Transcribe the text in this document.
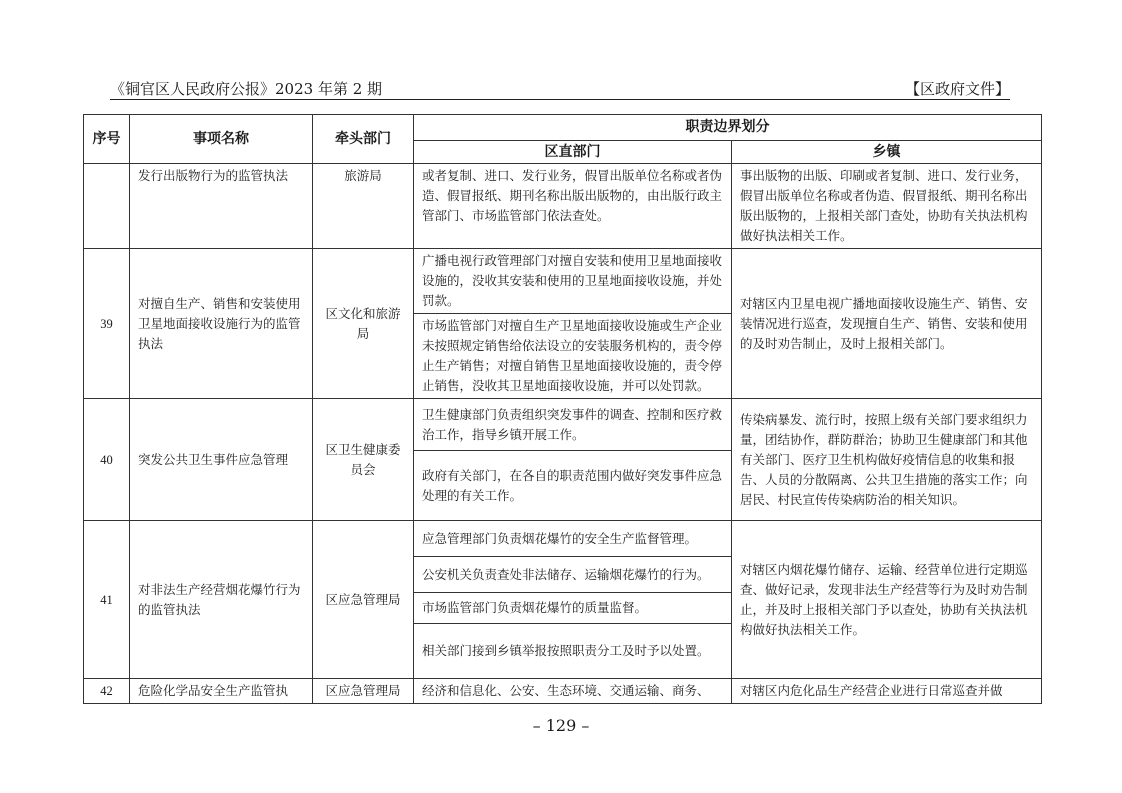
《铜官区人民政府公报》2023 年第 2 期	【区政府文件】
序号	事项名称	牵头部门	职责边界划分	
			区直部门	乡镇
	发行出版物行为的监管执法	旅游局	或者复制、进口、发行业务，假冒出版单位名称或者伪造、假冒报纸、期刊名称出版出版物的，由出版行政主管部门、市场监管部门依法查处。	事出版物的出版、印刷或者复制、进口、发行业务，假冒出版单位名称或者伪造、假冒报纸、期刊名称出版出版物的，上报相关部门查处，协助有关执法机构做好执法相关工作。
39	对擅自生产、销售和安装使用卫星地面接收设施行为的监管执法	区文化和旅游局	广播电视行政管理部门对擅自安装和使用卫星地面接收设施的，没收其安装和使用的卫星地面接收设施，并处罚款。	对辖区内卫星电视广播地面接收设施生产、销售、安装情况进行巡查，发现擅自生产、销售、安装和使用的及时劝告制止，及时上报相关部门。
			市场监管部门对擅自生产卫星地面接收设施或生产企业未按照规定销售给依法设立的安装服务机构的，责令停止生产销售；对擅自销售卫星地面接收设施的，责令停止销售，没收其卫星地面接收设施，并可以处罚款。	
40	突发公共卫生事件应急管理	区卫生健康委员会	卫生健康部门负责组织突发事件的调查、控制和医疗救治工作，指导乡镇开展工作。	传染病暴发、流行时，按照上级有关部门要求组织力量，团结协作，群防群治；协助卫生健康部门和其他有关部门、医疗卫生机构做好疫情信息的收集和报告、人员的分散隔离、公共卫生措施的落实工作；向居民、村民宣传传染病防治的相关知识。
			政府有关部门，在各自的职责范围内做好突发事件应急处理的有关工作。	
41	对非法生产经营烟花爆竹行为的监管执法	区应急管理局	应急管理部门负责烟花爆竹的安全生产监督管理。	对辖区内烟花爆竹储存、运输、经营单位进行定期巡查、做好记录，发现非法生产经营等行为及时劝告制止，并及时上报相关部门予以查处，协助有关执法机构做好执法相关工作。
			公安机关负责查处非法储存、运输烟花爆竹的行为。	
			市场监管部门负责烟花爆竹的质量监督。	
			相关部门接到乡镇举报按照职责分工及时予以处置。	
42	危险化学品安全生产监管执	区应急管理局	经济和信息化、公安、生态环境、交通运输、商务、	对辖区内危化品生产经营企业进行日常巡查并做
– 129 –
